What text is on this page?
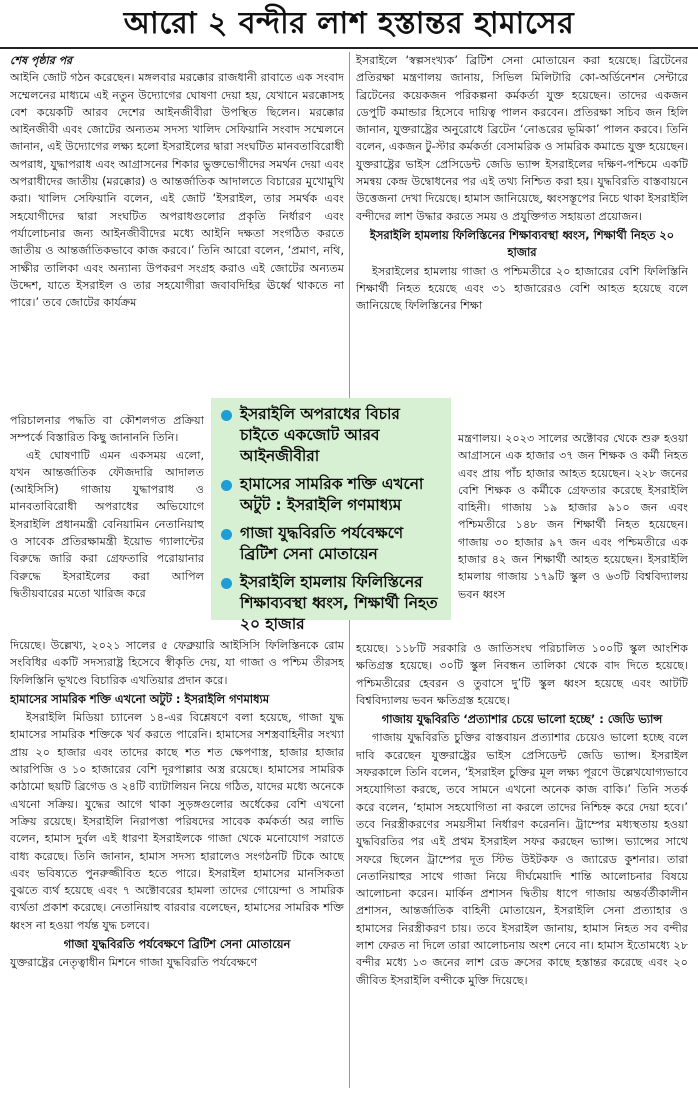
আরো ২ বন্দীর লাশ হস্তান্তর হামাসের
শেষ পৃষ্ঠার পর

আইনি জোট গঠন করেছেন। মঙ্গলবার মরক্কোর রাজধানী রাবাতে এক সংবাদ সম্মেলনের মাধ্যমে এই নতুন উদ্যোগের ঘোষণা দেয়া হয়, যেখানে মরক্কোসহ বেশ কয়েকটি আরব দেশের আইনজীবীরা উপস্থিত ছিলেন। মরক্কোর আইনজীবী এবং জোটের অন্যতম সদস্য খালিদ সেফিয়ানি সংবাদ সম্মেলনে জানান, এই উদ্যোগের লক্ষ্য হলো ইসরাইলের দ্বারা সংঘটিত মানবতাবিরোধী অপরাধ, যুদ্ধাপরাধ এবং আগ্রাসনের শিকার ভুক্তভোগীদের সমর্থন দেয়া এবং অপরাধীদের জাতীয় (মরক্কোর) ও আন্তর্জাতিক আদালতে বিচারের মুখোমুখি করা। খালিদ সেফিয়ানি বলেন, এই জোট ‘ইসরাইল, তার সমর্থক এবং সহযোগীদের দ্বারা সংঘটিত অপরাধগুলোর প্রকৃতি নির্ধারণ এবং পর্যালোচনার জন্য আইনজীবীদের মধ্যে আইনি দক্ষতা সংগঠিত করতে জাতীয় ও আন্তর্জাতিকভাবে কাজ করবে।’ তিনি আরো বলেন, ‘প্রমাণ, নথি, সাক্ষীর তালিকা এবং অন্যান্য উপকরণ সংগ্রহ করাও এই জোটের অন্যতম উদ্দেশ, যাতে ইসরাইল ও তার সহযোগীরা জবাবদিহির ঊর্ধ্বে থাকতে না পারে।’ তবে জোটের কার্যক্রম

পরিচালনার পদ্ধতি বা কৌশলগত প্রক্রিয়া সম্পর্কে বিস্তারিত কিছু জানাননি তিনি।

এই ঘোষণাটি এমন একসময় এলো, যখন আন্তর্জাতিক ফৌজদারি আদালত (আইসিসি) গাজায় যুদ্ধাপরাধ ও মানবতাবিরোধী অপরাধের অভিযোগে ইসরাইলি প্রধানমন্ত্রী বেনিয়ামিন নেতানিয়াহু ও সাবেক প্রতিরক্ষামন্ত্রী ইয়োভ গ্যালান্টের বিরুদ্ধে জারি করা গ্রেফতারি পরোয়ানার বিরুদ্ধে ইসরাইলের করা আপিল দ্বিতীয়বারের মতো খারিজ করে

দিয়েছে। উল্লেখ্য, ২০২১ সালের ৫ ফেব্রুয়ারি আইসিসি ফিলিস্তিনকে রোম সংবিধির একটি সদস্যরাষ্ট্র হিসেবে স্বীকৃতি দেয়, যা গাজা ও পশ্চিম তীরসহ ফিলিস্তিনি ভূখণ্ডে বিচারিক এখতিয়ার প্রদান করে।

হামাসের সামরিক শক্তি এখনো অটুট : ইসরাইলি গণমাধ্যম

ইসরাইলি মিডিয়া চ্যানেল ১৪-এর বিশ্লেষণে বলা হয়েছে, গাজা যুদ্ধ হামাসের সামরিক শক্তিকে খর্ব করতে পারেনি। হামাসের সশস্ত্রবাহিনীর সংখ্যা প্রায় ২০ হাজার এবং তাদের কাছে শত শত ক্ষেপণাস্ত্র, হাজার হাজার আরপিজি ও ১০ হাজারের বেশি দূরপাল্লার অস্ত্র রয়েছে। হামাসের সামরিক কাঠামো ছয়টি ব্রিগেড ও ২৪টি ব্যাটালিয়ন নিয়ে গঠিত, যাদের মধ্যে অনেকে এখনো সক্রিয়। যুদ্ধের আগে থাকা সুড়ঙ্গগুলোর অর্ধেকের বেশি এখনো সক্রিয় রয়েছে। ইসরাইলি নিরাপত্তা পরিষদের সাবেক কর্মকর্তা অর লাভি বলেন, হামাস দুর্বল এই ধারণা ইসরাইলকে গাজা থেকে মনোযোগ সরাতে বাধ্য করেছে। তিনি জানান, হামাস সদস্য হারালেও সংগঠনটি টিকে আছে এবং ভবিষ্যতে পুনরুজ্জীবিত হতে পারে। ইসরাইল হামাসের মানসিকতা বুঝতে ব্যর্থ হয়েছে এবং ৭ অক্টোবরের হামলা তাদের গোয়েন্দা ও সামরিক ব্যর্থতা প্রকাশ করেছে। নেতানিয়াহু বারবার বলেছেন, হামাসের সামরিক শক্তি ধ্বংস না হওয়া পর্যন্ত যুদ্ধ চলবে।

গাজা যুদ্ধবিরতি পর্যবেক্ষণে ব্রিটিশ সেনা মোতায়েন

যুক্তরাষ্ট্রের নেতৃত্বাধীন মিশনে গাজা যুদ্ধবিরতি পর্যবেক্ষণে

ইসরাইলে ‘স্বল্পসংখ্যক’ ব্রিটিশ সেনা মোতায়েন করা হয়েছে। ব্রিটেনের প্রতিরক্ষা মন্ত্রণালয় জানায়, সিভিল মিলিটারি কো-অর্ডিনেশন সেন্টারে ব্রিটেনের কয়েকজন পরিকল্পনা কর্মকর্তা যুক্ত হয়েছেন। তাদের একজন ডেপুটি কমান্ডার হিসেবে দায়িত্ব পালন করবেন। প্রতিরক্ষা সচিব জন হিলি জানান, যুক্তরাষ্ট্রের অনুরোধে ব্রিটেন ‘নোঙরের ভূমিকা’ পালন করবে। তিনি বলেন, একজন টু-স্টার কর্মকর্তা বেসামরিক ও সামরিক কমান্ডে যুক্ত হয়েছেন। যুক্তরাষ্ট্রের ভাইস প্রেসিডেন্ট জেডি ভ্যান্স ইসরাইলের দক্ষিণ-পশ্চিমে একটি সমন্বয় কেন্দ্র উদ্বোধনের পর এই তথ্য নিশ্চিত করা হয়। যুদ্ধবিরতি বাস্তবায়নে উত্তেজনা দেখা দিয়েছে। হামাস জানিয়েছে, ধ্বংসস্তূপের নিচে থাকা ইসরাইলি বন্দীদের লাশ উদ্ধার করতে সময় ও প্রযুক্তিগত সহায়তা প্রয়োজন।

ইসরাইলি হামলায় ফিলিস্তিনের শিক্ষাব্যবস্থা ধ্বংস, শিক্ষার্থী নিহত ২০ হাজার

ইসরাইলের হামলায় গাজা ও পশ্চিমতীরে ২০ হাজারের বেশি ফিলিস্তিনি শিক্ষার্থী নিহত হয়েছে এবং ৩১ হাজারেরও বেশি আহত হয়েছে বলে জানিয়েছে ফিলিস্তিনের শিক্ষা

মন্ত্রণালয়। ২০২৩ সালের অক্টোবর থেকে শুরু হওয়া আগ্রাসনে এক হাজার ৩৭ জন শিক্ষক ও কর্মী নিহত এবং প্রায় পাঁচ হাজার আহত হয়েছেন। ২২৮ জনের বেশি শিক্ষক ও কর্মীকে গ্রেফতার করেছে ইসরাইলি বাহিনী। গাজায় ১৯ হাজার ৯১০ জন এবং পশ্চিমতীরে ১৪৮ জন শিক্ষার্থী নিহত হয়েছেন। গাজায় ৩০ হাজার ৯৭ জন এবং পশ্চিমতীরে এক হাজার ৪২ জন শিক্ষার্থী আহত হয়েছেন। ইসরাইলি হামলায় গাজায় ১৭৯টি স্কুল ও ৬৩টি বিশ্ববিদ্যালয় ভবন ধ্বংস

হয়েছে। ১১৮টি সরকারি ও জাতিসংঘ পরিচালিত ১০০টি স্কুল আংশিক ক্ষতিগ্রস্ত হয়েছে। ৩০টি স্কুল নিবন্ধন তালিকা থেকে বাদ দিতে হয়েছে। পশ্চিমতীরের হেবরন ও তুবাসে দু’টি স্কুল ধ্বংস হয়েছে এবং আটটি বিশ্ববিদ্যালয় ভবন ক্ষতিগ্রস্ত হয়েছে।

গাজায় যুদ্ধবিরতি ‘প্রত্যাশার চেয়ে ভালো হচ্ছে’ : জেডি ভ্যান্স

গাজায় যুদ্ধবিরতি চুক্তির বাস্তবায়ন প্রত্যাশার চেয়েও ভালো হচ্ছে বলে দাবি করেছেন যুক্তরাষ্ট্রের ভাইস প্রেসিডেন্ট জেডি ভ্যান্স। ইসরাইল সফরকালে তিনি বলেন, ‘ইসরাইল চুক্তির মূল লক্ষ্য পূরণে উল্লেখযোগ্যভাবে সহযোগিতা করছে, তবে সামনে এখনো অনেক কাজ বাকি।’ তিনি সতর্ক করে বলেন, ‘হামাস সহযোগিতা না করলে তাদের নিশ্চিহ্ন করে দেয়া হবে।’ তবে নিরস্ত্রীকরণের সময়সীমা নির্ধারণ করেননি। ট্রাম্পের মধ্যস্থতায় হওয়া যুদ্ধবিরতির পর এই প্রথম ইসরাইল সফর করছেন ভ্যান্স। ভ্যান্সের সাথে সফরে ছিলেন ট্রাম্পের দূত স্টিভ উইটকফ ও জ্যারেড কুশনার। তারা নেতানিয়াহুর সাথে গাজা নিয়ে দীর্ঘমেয়াদি শান্তি আলোচনার বিষয়ে আলোচনা করেন। মার্কিন প্রশাসন দ্বিতীয় ধাপে গাজায় অন্তর্বর্তীকালীন প্রশাসন, আন্তর্জাতিক বাহিনী মোতায়েন, ইসরাইলি সেনা প্রত্যাহার ও হামাসের নিরস্ত্রীকরণ চায়। তবে ইসরাইল জানায়, হামাস নিহত সব বন্দীর লাশ ফেরত না দিলে তারা আলোচনায় অংশ নেবে না। হামাস ইতোমধ্যে ২৮ বন্দীর মধ্যে ১৩ জনের লাশ রেড ক্রসের কাছে হস্তান্তর করেছে এবং ২০ জীবিত ইসরাইলি বন্দীকে মুক্তি দিয়েছে।

ইসরাইলি অপরাধের বিচার চাইতে একজোট আরব আইনজীবীরা
হামাসের সামরিক শক্তি এখনো অটুট : ইসরাইলি গণমাধ্যম
গাজা যুদ্ধবিরতি পর্যবেক্ষণে ব্রিটিশ সেনা মোতায়েন
ইসরাইলি হামলায় ফিলিস্তিনের শিক্ষাব্যবস্থা ধ্বংস, শিক্ষার্থী নিহত ২০ হাজার
